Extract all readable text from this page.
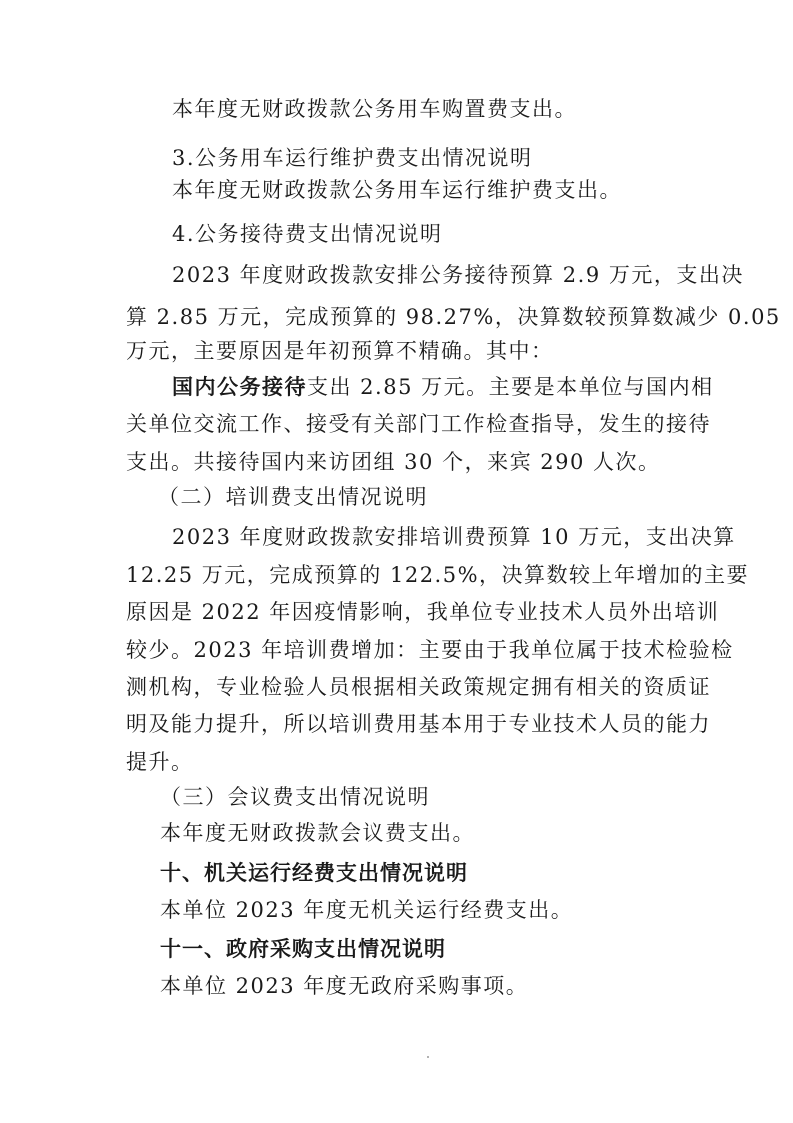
本年度无财政拨款公务用车购置费支出。

3.公务用车运行维护费支出情况说明

本年度无财政拨款公务用车运行维护费支出。

4.公务接待费支出情况说明

2023 年度财政拨款安排公务接待预算 2.9 万元，支出决

算 2.85 万元，完成预算的 98.27%，决算数较预算数减少 0.05

万元，主要原因是年初预算不精确。其中：

国内公务接待支出 2.85 万元。主要是本单位与国内相

关单位交流工作、接受有关部门工作检查指导，发生的接待

支出。共接待国内来访团组 30 个，来宾 290 人次。

（二）培训费支出情况说明

2023 年度财政拨款安排培训费预算 10 万元，支出决算

12.25 万元，完成预算的 122.5%，决算数较上年增加的主要

原因是 2022 年因疫情影响，我单位专业技术人员外出培训

较少。2023 年培训费增加：主要由于我单位属于技术检验检

测机构，专业检验人员根据相关政策规定拥有相关的资质证

明及能力提升，所以培训费用基本用于专业技术人员的能力

提升。

（三）会议费支出情况说明

本年度无财政拨款会议费支出。

十、机关运行经费支出情况说明

本单位 2023 年度无机关运行经费支出。

十一、政府采购支出情况说明

本单位 2023 年度无政府采购事项。
